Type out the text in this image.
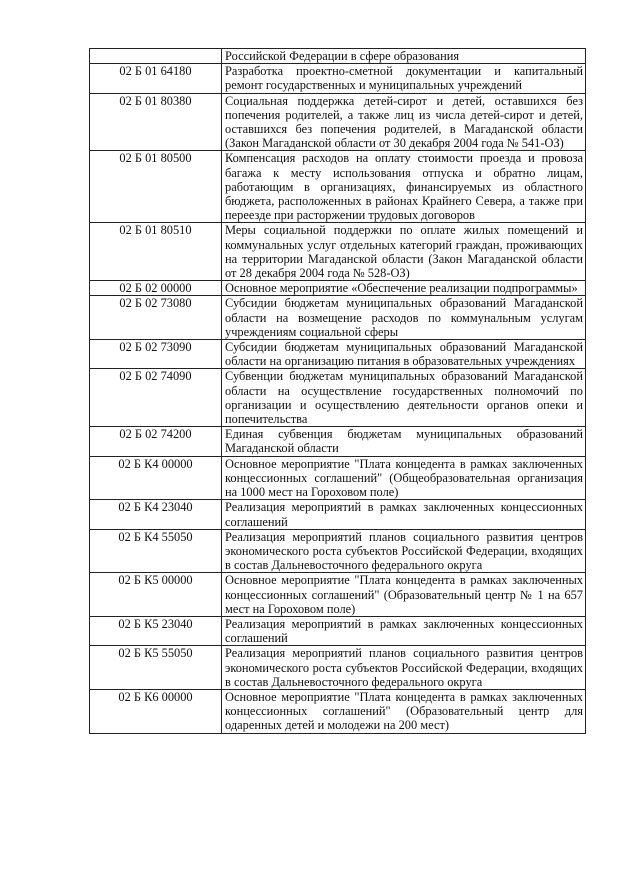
	Российской Федерации в сфере образования
02 Б 01 64180	Разработка проектно-сметной документации и капитальный ремонт государственных и муниципальных учреждений
02 Б 01 80380	Социальная поддержка детей-сирот и детей, оставшихся без попечения родителей, а также лиц из числа детей-сирот и детей, оставшихся без попечения родителей, в Магаданской области (Закон Магаданской области от 30 декабря 2004 года № 541-ОЗ)
02 Б 01 80500	Компенсация расходов на оплату стоимости проезда и провоза багажа к месту использования отпуска и обратно лицам, работающим в организациях, финансируемых из областного бюджета, расположенных в районах Крайнего Севера, а также при переезде при расторжении трудовых договоров
02 Б 01 80510	Меры социальной поддержки по оплате жилых помещений и коммунальных услуг отдельных категорий граждан, проживающих на территории Магаданской области (Закон Магаданской области от 28 декабря 2004 года № 528-ОЗ)
02 Б 02 00000	Основное мероприятие «Обеспечение реализации подпрограммы»
02 Б 02 73080	Субсидии бюджетам муниципальных образований Магаданской области на возмещение расходов по коммунальным услугам учреждениям социальной сферы
02 Б 02 73090	Субсидии бюджетам муниципальных образований Магаданской области на организацию питания в образовательных учреждениях
02 Б 02 74090	Субвенции бюджетам муниципальных образований Магаданской области на осуществление государственных полномочий по организации и осуществлению деятельности органов опеки и попечительства
02 Б 02 74200	Единая субвенция бюджетам муниципальных образований Магаданской области
02 Б К4 00000	Основное мероприятие "Плата концедента в рамках заключенных концессионных соглашений" (Общеобразовательная организация на 1000 мест на Гороховом поле)
02 Б К4 23040	Реализация мероприятий в рамках заключенных концессионных соглашений
02 Б К4 55050	Реализация мероприятий планов социального развития центров экономического роста субъектов Российской Федерации, входящих в состав Дальневосточного федерального округа
02 Б К5 00000	Основное мероприятие "Плата концедента в рамках заключенных концессионных соглашений" (Образовательный центр № 1 на 657 мест на Гороховом поле)
02 Б К5 23040	Реализация мероприятий в рамках заключенных концессионных соглашений
02 Б К5 55050	Реализация мероприятий планов социального развития центров экономического роста субъектов Российской Федерации, входящих в состав Дальневосточного федерального округа
02 Б К6 00000	Основное мероприятие "Плата концедента в рамках заключенных концессионных соглашений" (Образовательный центр для одаренных детей и молодежи на 200 мест)
